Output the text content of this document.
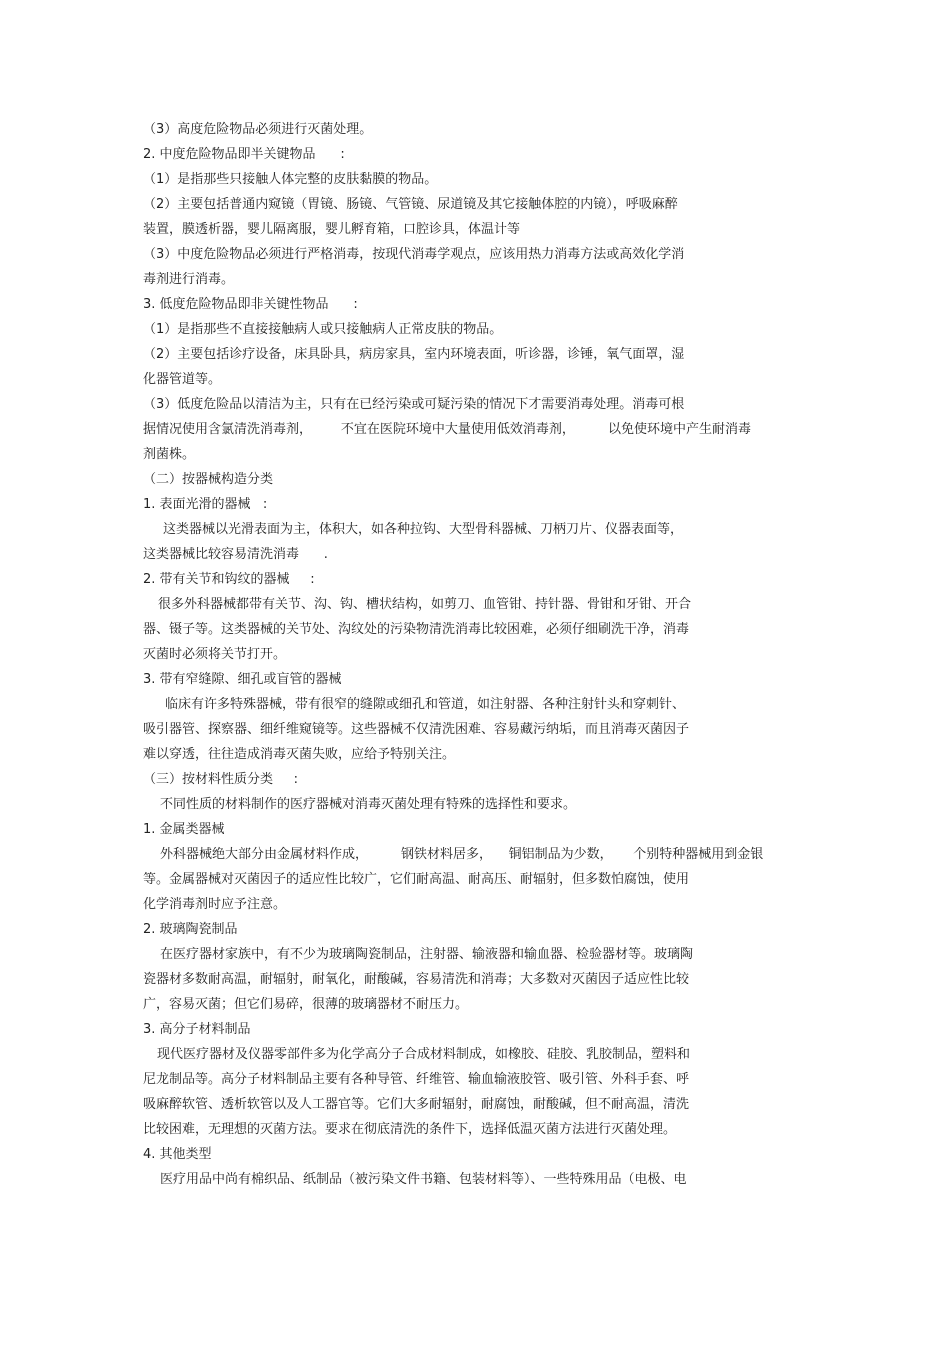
（3）高度危险物品必须进行灭菌处理。
2. 中度危险物品即半关键物品      :
（1）是指那些只接触人体完整的皮肤黏膜的物品。
（2）主要包括普通内窥镜（胃镜、肠镜、气管镜、尿道镜及其它接触体腔的内镜），呼吸麻醉
装置，膜透析器，婴儿隔离服，婴儿孵育箱，口腔诊具，体温计等
（3）中度危险物品必须进行严格消毒，按现代消毒学观点，应该用热力消毒方法或高效化学消
毒剂进行消毒。
3. 低度危险物品即非关键性物品      :
（1）是指那些不直接接触病人或只接触病人正常皮肤的物品。
（2）主要包括诊疗设备，床具卧具，病房家具，室内环境表面，听诊器，诊锤，氧气面罩，湿
化器管道等。
（3）低度危险品以清洁为主，只有在已经污染或可疑污染的情况下才需要消毒处理。消毒可根
据情况使用含氯清洗消毒剂，       不宜在医院环境中大量使用低效消毒剂，        以免使环境中产生耐消毒
剂菌株。
（二）按器械构造分类
1. 表面光滑的器械   :
这类器械以光滑表面为主，体积大，如各种拉钩、大型骨科器械、刀柄刀片、仪器表面等，
这类器械比较容易清洗消毒      .
2. 带有关节和钩纹的器械     :
很多外科器械都带有关节、沟、钩、槽状结构，如剪刀、血管钳、持针器、骨钳和牙钳、开合
器、镊子等。这类器械的关节处、沟纹处的污染物清洗消毒比较困难，必须仔细刷洗干净，消毒
灭菌时必须将关节打开。
3. 带有窄缝隙、细孔或盲管的器械
临床有许多特殊器械，带有很窄的缝隙或细孔和管道，如注射器、各种注射针头和穿刺针、
吸引器管、探察器、细纤维窥镜等。这些器械不仅清洗困难、容易藏污纳垢，而且消毒灭菌因子
难以穿透，往往造成消毒灭菌失败，应给予特别关注。
（三）按材料性质分类     :
不同性质的材料制作的医疗器械对消毒灭菌处理有特殊的选择性和要求。
1. 金属类器械
外科器械绝大部分由金属材料作成，        钢铁材料居多，    铜铝制品为少数，     个别特种器械用到金银
等。金属器械对灭菌因子的适应性比较广，它们耐高温、耐高压、耐辐射，但多数怕腐蚀，使用
化学消毒剂时应予注意。
2. 玻璃陶瓷制品
在医疗器材家族中，有不少为玻璃陶瓷制品，注射器、输液器和输血器、检验器材等。玻璃陶
瓷器材多数耐高温，耐辐射，耐氧化，耐酸碱，容易清洗和消毒；大多数对灭菌因子适应性比较
广，容易灭菌；但它们易碎，很薄的玻璃器材不耐压力。
3. 高分子材料制品
现代医疗器材及仪器零部件多为化学高分子合成材料制成，如橡胶、硅胶、乳胶制品，塑料和
尼龙制品等。高分子材料制品主要有各种导管、纤维管、输血输液胶管、吸引管、外科手套、呼
吸麻醉软管、透析软管以及人工器官等。它们大多耐辐射，耐腐蚀，耐酸碱，但不耐高温，清洗
比较困难，无理想的灭菌方法。要求在彻底清洗的条件下，选择低温灭菌方法进行灭菌处理。
4. 其他类型
医疗用品中尚有棉织品、纸制品（被污染文件书籍、包装材料等）、一些特殊用品（电极、电
